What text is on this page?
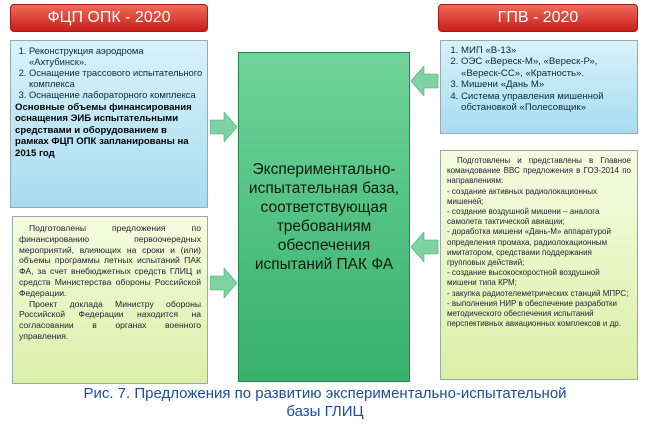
ФЦП ОПК - 2020	ГПВ - 2020
1. Реконструкция аэродрома «Ахтубинск».
2. Оснащение трассового испытательного комплекса
3. Оснащение лабораторного комплекса
Основные объемы финансирования оснащения ЭИБ испытательными средствами и оборудованием в рамках ФЦП ОПК запланированы на 2015 год

Подготовлены предложения по финансированию первоочередных мероприятий, влияющих на сроки и (или) объемы программы летных испытаний ПАК ФА, за счет внебюджетных средств ГЛИЦ и средств Министерства обороны Российской Федерации.

Проект доклада Министру обороны Российской Федерации находится на согласовании в органах военного управления.

Экспериментально-испытательная база, соответствующая требованиям обеспечения испытаний ПАК ФА
1. МИП «В-13»
2. ОЭС «Вереск-М», «Вереск-Р», «Вереск-СС», «Кратность».
3. Мишени «Дань М»
4. Система управления мишенной обстановкой «Полесовщик»

Подготовлены и представлены в Главное командование ВВС предложения в ГОЗ-2014 по направлениям:

- создание активных радиолокационных мишеней;

- создание воздушной мишени – аналога самолета тактической авиации;

- доработка мишени «Дань-М» аппаратурой определения промаха, радиолокационным имитатором, средствами поддержания групповых действий;

- создание высокоскоростной воздушной мишени типа КРМ;

- закупка радиотелеметрических станций МПРС;

- выполнения НИР в обеспечение разработки методического обеспечения испытаний перспективных авиационных комплексов и др.

Рис. 7. Предложения по развитию экспериментально-испытательной
базы ГЛИЦ
